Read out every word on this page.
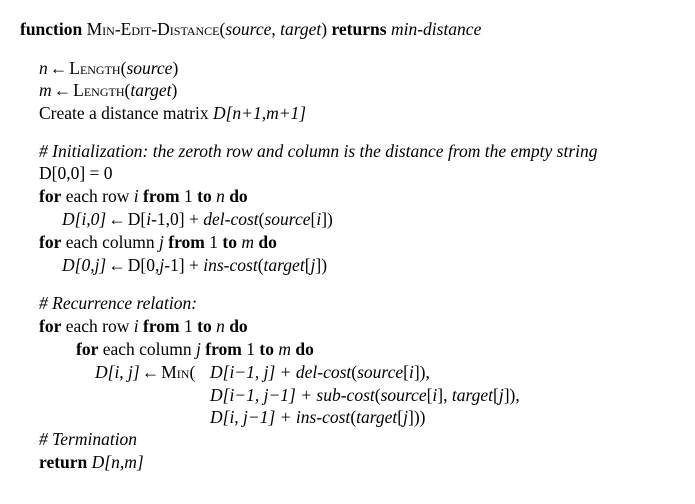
function Min-Edit-Distance(source, target) returns min-distance
n ← Length(source)
m ← Length(target)
Create a distance matrix D[n+1,m+1]
# Initialization: the zeroth row and column is the distance from the empty string
D[0,0] = 0
for each row i from 1 to n do
D[i,0] ← D[i-1,0] + del-cost(source[i])
for each column j from 1 to m do
D[0,j] ← D[0,j-1] + ins-cost(target[j])
# Recurrence relation:
for each row i from 1 to n do
for each column j from 1 to m do
D[i, j] ← Min( D[i−1, j] + del-cost(source[i]),
D[i−1, j−1] + sub-cost(source[i], target[j]),
D[i, j−1] + ins-cost(target[j]))
# Termination
return D[n,m]
